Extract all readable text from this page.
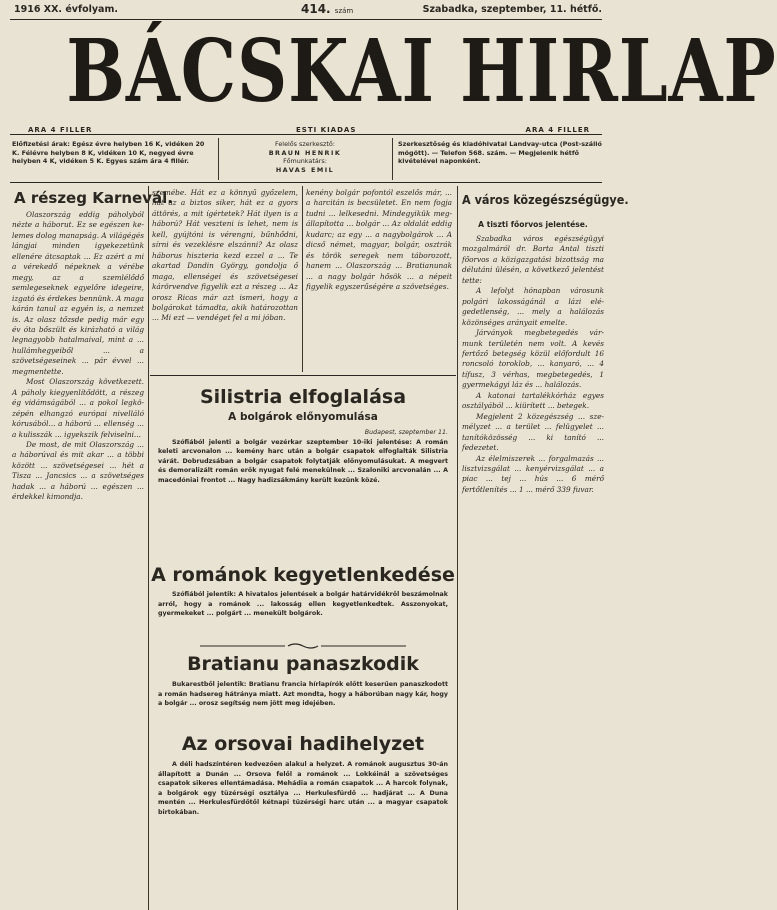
1916 XX. évfolyam.	414. szám	Szabadka, szeptember, 11. hétfő.
BÁCSKAI HIRLAP
ARA 4 FILLER	ESTI KIADAS	ARA 4 FILLER
Előfizetési árak: Egész évre helyben 16 K, vidéken 20 K. Félévre helyben 8 K, vidéken 10 K, negyed évre helyben 4 K, vidéken 5 K. Egyes szám ára 4 fillér.
Felelős szerkesztő:
BRAUN HENRIK
Főmunkatárs:
HAVAS EMIL
Szerkesztőség és kiadóhivatal Landvay-utca (Post-szálló mögött). — Telefon 568. szám. — Megjelenik hétfő kivételével naponként.
A részeg Karnevál.

Olaszország eddig páholyból nézte a háborut. Ez se egészen kelemes dolog manapság. A világégés lángjai minden igyekezetünk ellenére átcsaptak ... Ez azért a mi a vérekedő népeknek a vérébe megy, az a szemlélődő semlegeseknek egyelőre idegeire, izgató és érdekes bennünk. A maga kárán tanul az egyén is, a nemzet is. Az olasz tőzsde pedig már egy év óta bőszült és kirázható a világ legnagyobb hatalmaival, mint a ... hullámhegyeiből ... a szövetségeseinek ... pár évvel ... megmentette.

Most Olaszország következett. A páholy kiegyenlítődött, a részeg ég vidámságából ... a pokol legközépén elhangzó európai nivelláló kórusából... a háború ... ellenség ... a kulisszák ... igyekszik felviselni...

De most, de mit Olaszország ... a háborúval és mit akar ... a többi között ... szövetségesei ... hét a Tisza ... Jancsics ... a szövetséges hadak ... a háború ... egészen ... érdekkel kimondja.

szemébe. Hát ez a könnyű győzelem, hát az a biztos siker, hát ez a gyors áttörés, a mit ígértetek? Hát ilyen is a háború? Hát veszteni is lehet, nem is kell, gyújtóni is vérengni, bűnhődni, sírni és vezeklésre elszánni? Az olasz háborus hiszteria kezd ezzel a ... Te akartad Dandin György, gondolja ő maga, ellenségei és szövetségesei kárörvendve figyelik ezt a részeg ... Az orosz Ricas már azt ismeri, hogy a bolgárokat támadta, akik határozottan ... Mi ezt — vendéget fel a mi jóban.

kenény bolgár pofontól eszelős már, ... a harcitán is becsületet. En nem fogja tudni ... lelkesedni. Mindegyikük megállapította ... bolgár ... Az oldalát eddig kudarc; az egy ... a nagybolgárok ... A dicső német, magyar, bolgár, osztrák és török seregek nem táborozott, hanem ... Olaszország ... Bratianunak ... a nagy bolgár hősök ... a népeit figyelik egyszerűségére a szövetséges.

Silistria elfoglalása
A bolgárok előnyomulása
Budapest, szeptember 11.

Szófiából jelenti a bolgár vezérkar szeptember 10-iki jelentése: A román keleti arcvonalon ... kemény harc után a bolgár csapatok elfoglalták Silistria várát. Dobrudzsában a bolgár csapatok folytatják előnyomulásukat. A megvert és demoralizált román erők nyugat felé menekülnek ... Szaloniki arcvonalán ... A macedóniai frontot ... Nagy hadizsákmány került kezünk közé.

A románok kegyetlenkedése

Szófiából jelentik: A hivatalos jelentések a bolgár határvidékről beszámolnak arról, hogy a románok ... lakosság ellen kegyetlenkedtek. Asszonyokat, gyermekeket ... polgárt ... menekült bolgárok.

Bratianu panaszkodik

Bukarestből jelentik: Bratianu francia hírlapírók előtt keserűen panaszkodott a román hadsereg hátránya miatt. Azt mondta, hogy a háborúban nagy kár, hogy a bolgár ... orosz segítség nem jött meg idejében.

Az orsovai hadihelyzet

A déli hadszíntéren kedvezően alakul a helyzet. A románok augusztus 30-án állapított a Dunán ... Orsova felől a románok ... Lokkéinál a szövetséges csapatok sikeres ellentámadása. Mehádia a román csapatok ... A harcok folynak, a bolgárok egy tüzérségi osztálya ... Herkulesfürdő ... hadjárat ... A Duna mentén ... Herkulesfürdőtől kétnapi tüzérségi harc után ... a magyar csapatok birtokában.

A város közegészségügye.
A tiszti főorvos jelentése.

Szabadka város egészségügyi mozgalmáról dr. Barta Antal tiszti főorvos a közigazgatási bizottság ma délutáni ülésén, a következő jelentést tette:

A lefolyt hónapban városunk polgári lakosságánál a lázi elégedetlenség, ... mely a halálozás közönséges arányait emelte.

Járványok megbetegedés vármunk területén nem volt. A kevés fertőző betegség közül előfordult 16 roncsoló toroklob, ... kanyaró, ... 4 tífusz, 3 vérhas, megbetegedés, 1 gyermekágyi láz és ... halálozás.

A katonai tartalékkórház egyes osztályából ... kiürített ... betegek.

Megjelent 2 közegészség ... személyzet ... a terület ... felügyelet ... tanítóközösség ... ki tanító ... fedezetet.

Az élelmiszerek ... forgalmazás ... lisztvizsgálat ... kenyérvizsgálat ... a piac ... tej ... hús ... 6 mérő fertőtlenítés ... 1 ... mérő 339 fuvar.
